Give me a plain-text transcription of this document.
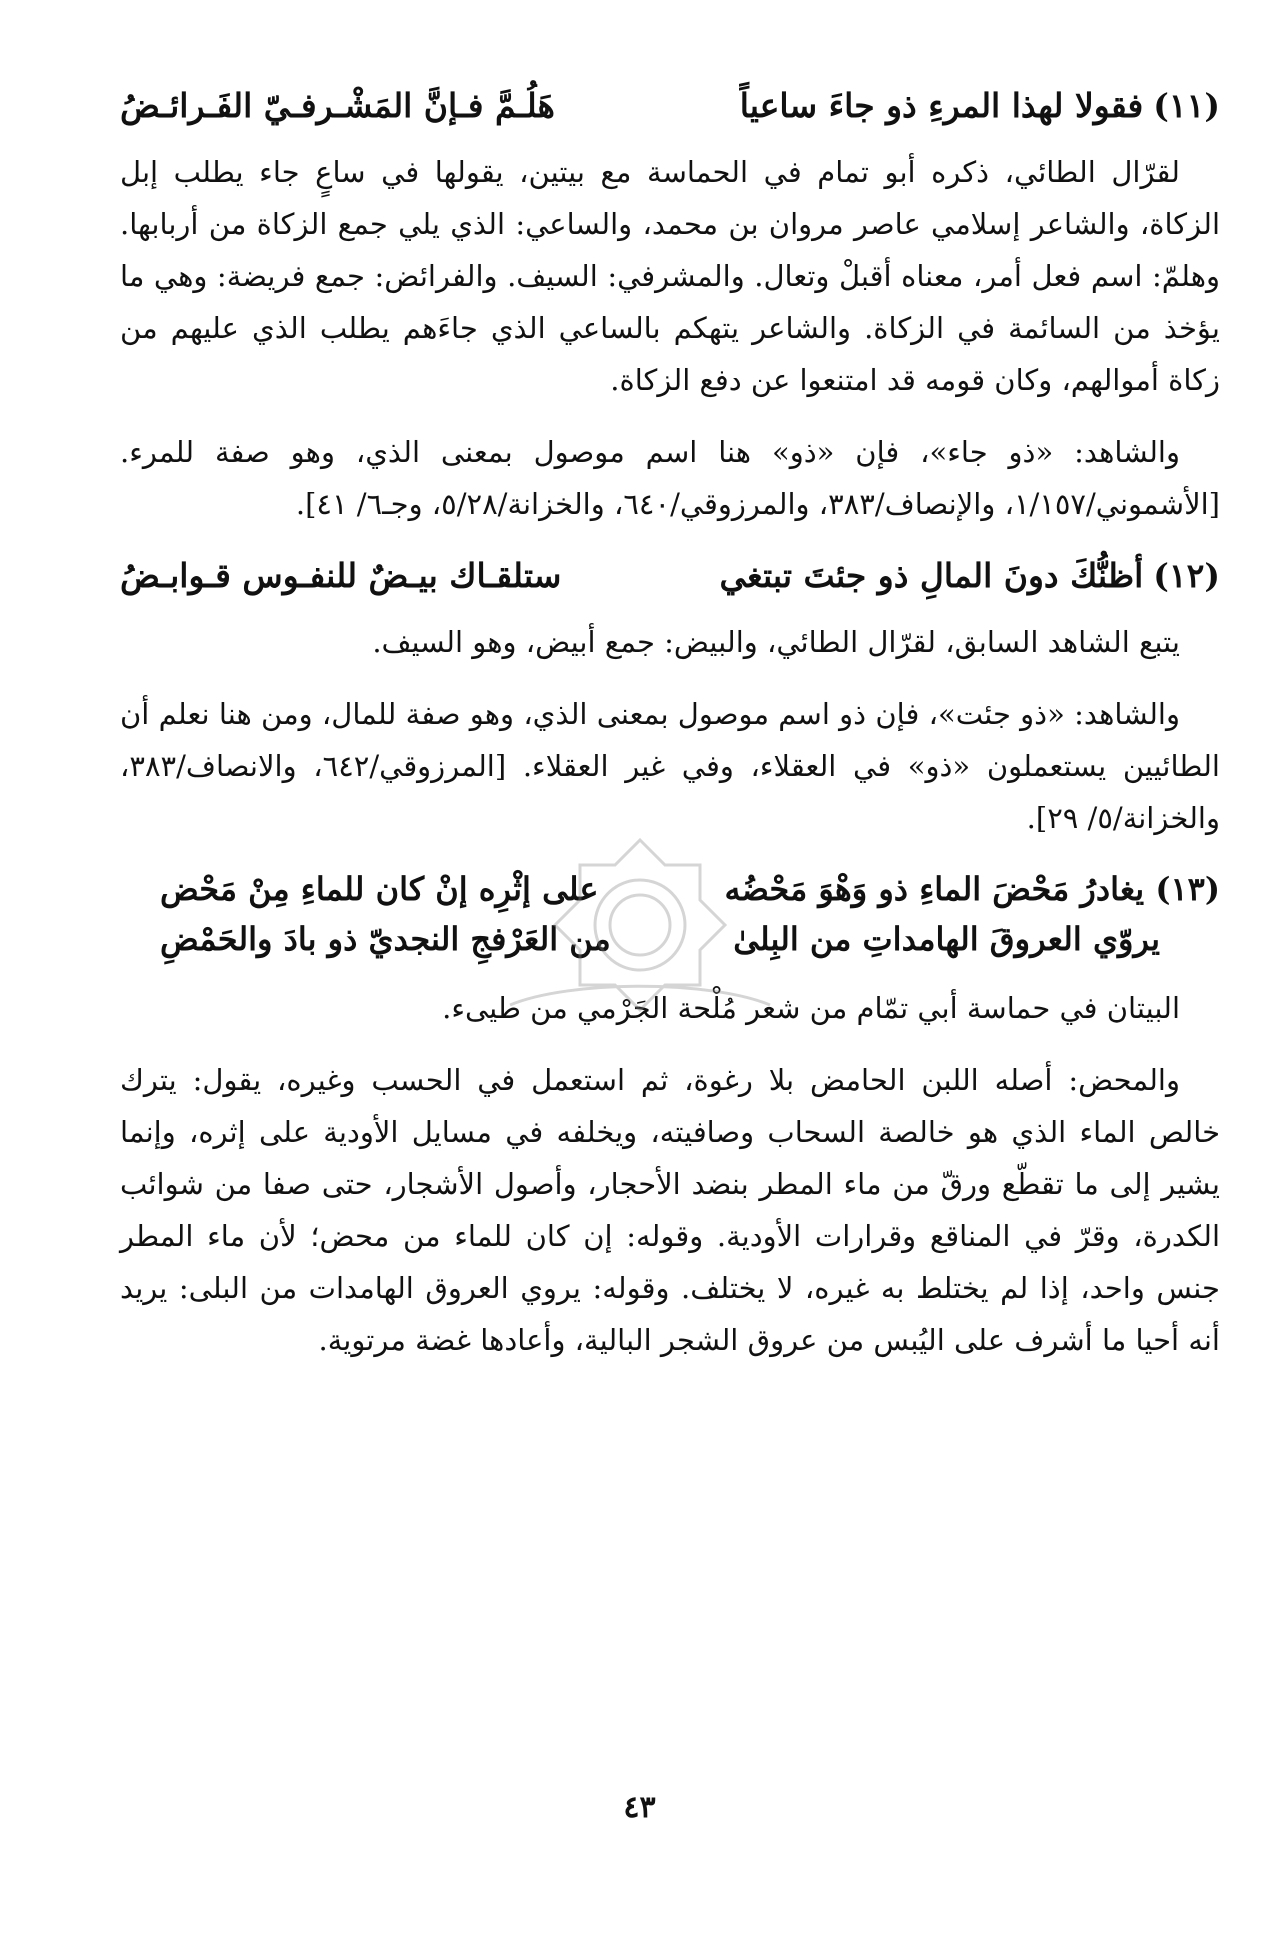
(١١)
فقولا لهذا المرءِ ذو جاءَ ساعياً
هَلُـمَّ فـإنَّ المَشْـرفـيّ الفَـرائـضُ

لقرّال الطائي، ذكره أبو تمام في الحماسة مع بيتين، يقولها في ساعٍ جاء يطلب إبل الزكاة، والشاعر إسلامي عاصر مروان بن محمد، والساعي: الذي يلي جمع الزكاة من أربابها. وهلمّ: اسم فعل أمر، معناه أقبلْ وتعال. والمشرفي: السيف. والفرائض: جمع فريضة: وهي ما يؤخذ من السائمة في الزكاة. والشاعر يتهكم بالساعي الذي جاءَهم يطلب الذي عليهم من زكاة أموالهم، وكان قومه قد امتنعوا عن دفع الزكاة.

والشاهد: «ذو جاء»، فإن «ذو» هنا اسم موصول بمعنى الذي، وهو صفة للمرء. [الأشموني/١/١٥٧، والإنصاف/٣٨٣، والمرزوقي/٦٤٠، والخزانة/٥/٢٨، وجـ٦/ ٤١].

(١٢)
أظنُّكَ دونَ المالِ ذو جئتَ تبتغي
ستلقـاك بيـضٌ للنفـوس قـوابـضُ

يتبع الشاهد السابق، لقرّال الطائي، والبيض: جمع أبيض، وهو السيف.

والشاهد: «ذو جئت»، فإن ذو اسم موصول بمعنى الذي، وهو صفة للمال، ومن هنا نعلم أن الطائيين يستعملون «ذو» في العقلاء، وفي غير العقلاء. [المرزوقي/٦٤٢، والانصاف/٣٨٣، والخزانة/٥/ ٢٩].

(١٣) يغادرُ مَحْضَ الماءِ ذو وَهْوَ مَحْضُه
على إثْرِه إنْ كان للماءِ مِنْ مَحْض
يروّي العروقَ الهامداتِ من البِلىٰ
من العَرْفجِ النجديّ ذو بادَ والحَمْضِ

البيتان في حماسة أبي تمّام من شعر مُلْحة الجَرْمي من طيىء.

والمحض: أصله اللبن الحامض بلا رغوة، ثم استعمل في الحسب وغيره، يقول: يترك خالص الماء الذي هو خالصة السحاب وصافيته، ويخلفه في مسايل الأودية على إثره، وإنما يشير إلى ما تقطّع ورقّ من ماء المطر بنضد الأحجار، وأصول الأشجار، حتى صفا من شوائب الكدرة، وقرّ في المناقع وقرارات الأودية. وقوله: إن كان للماء من محض؛ لأن ماء المطر جنس واحد، إذا لم يختلط به غيره، لا يختلف. وقوله: يروي العروق الهامدات من البلى: يريد أنه أحيا ما أشرف على اليُبس من عروق الشجر البالية، وأعادها غضة مرتوية.

٤٣
